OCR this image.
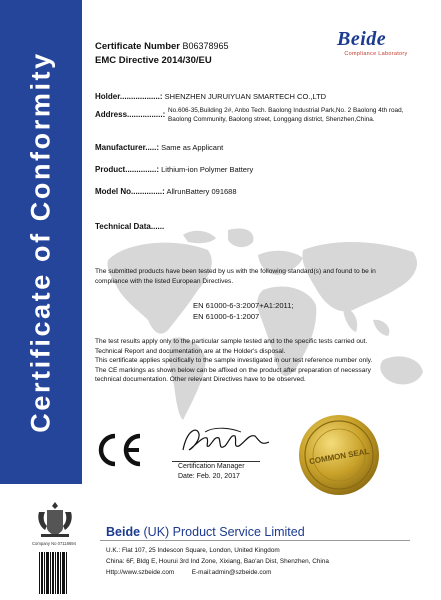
Certificate of Conformity
Certificate Number B06378965
EMC Directive 2014/30/EU
Beide
Compliance Laboratory
Holder..................: SHENZHEN JURUIYUAN SMARTECH CO.,LTD
Address................: No.606-35,Building 2#, Anbo Tech. Baolong Industrial Park,No. 2 Baolong 4th road,
Baolong Community, Baolong street, Longgang district, Shenzhen,China.
Manufacturer.....: Same as Applicant
Product..............: Lithium-ion Polymer Battery
Model No..............: AllrunBattery 091688
Technical Data......
The submitted products have been tested by us with the following standard(s) and found to be in
compliance with the listed European Directives.
EN 61000-6-3:2007+A1:2011;
EN 61000-6-1:2007
The test results apply only to the particular sample tested and to the specific tests carried out.
Technical Report and documentation are at the Holder's disposal.
This certificate applies specifically to the sample investigated in our test reference number only.
The CE markings as shown below can be affixed on the product after preparation of necessary
technical documentation. Other relevant Directives have to be observed.
Certification Manager
Date: Feb. 20, 2017
COMMON SEAL
Company No 07118694
Beide (UK) Product Service Limited
U.K.: Flat 107, 25 Indescon Square, London, United Kingdom
China: 6F, Bldg E, Hourui 3rd Ind Zone, Xixiang, Bao'an Dist, Shenzhen, China
Http://www.szbeide.com	E-mail:admin@szbeide.com
